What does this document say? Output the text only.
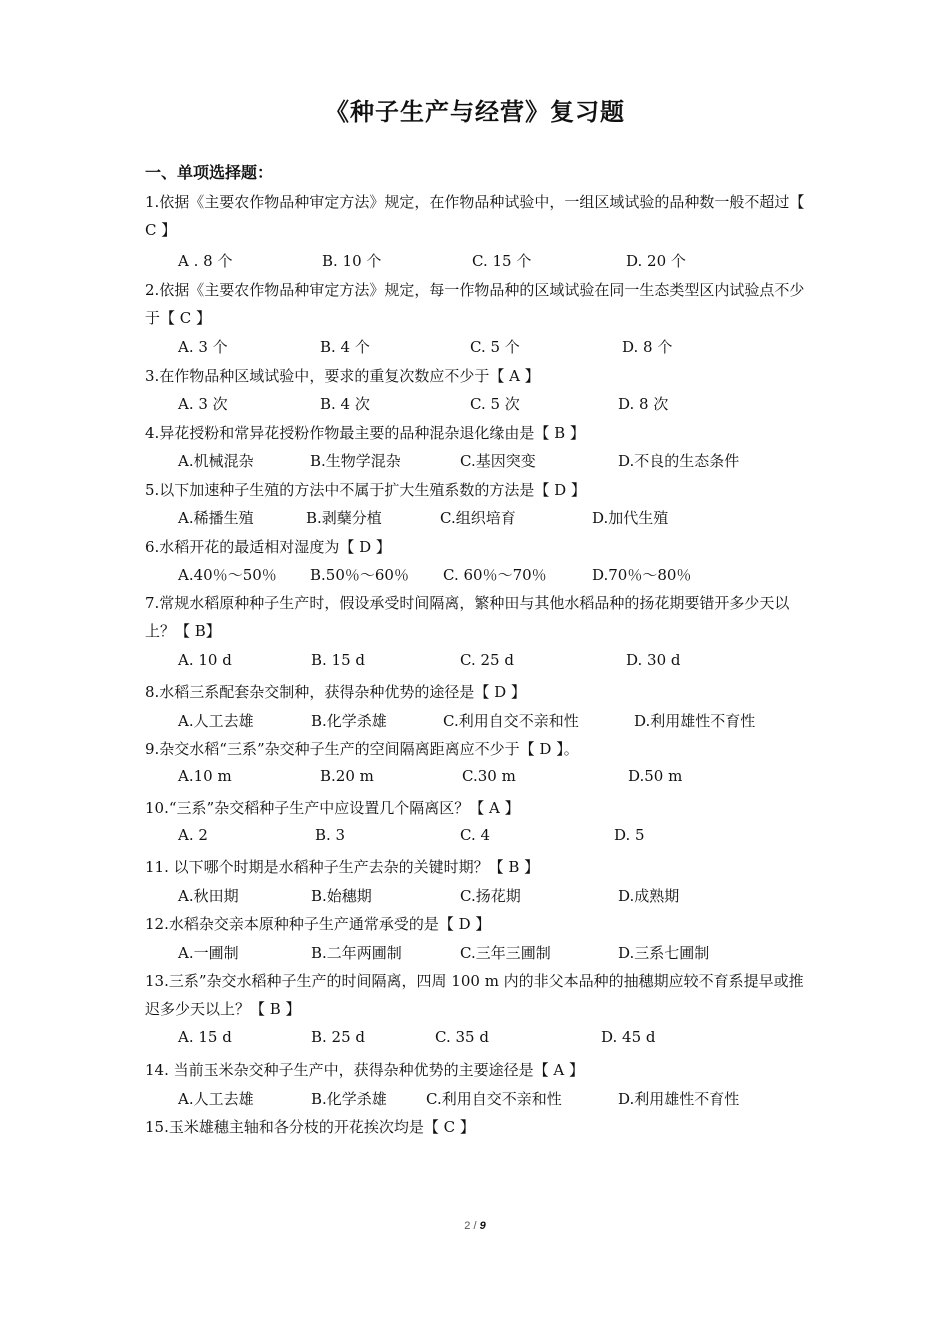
《种子生产与经营》复习题
一、单项选择题：
1.依据《主要农作物品种审定方法》规定，在作物品种试验中，一组区域试验的品种数一般不超过【 C 】
A . 8 个	B. 10 个	C. 15 个	D. 20 个
2.依据《主要农作物品种审定方法》规定，每一作物品种的区域试验在同一生态类型区内试验点不少于【 C 】
A. 3 个	B. 4 个	C. 5 个	D. 8 个
3.在作物品种区域试验中，要求的重复次数应不少于【 A 】
A. 3 次	B. 4 次	C. 5 次	D. 8 次
4.异花授粉和常异花授粉作物最主要的品种混杂退化缘由是【 B 】
A.机械混杂	B.生物学混杂	C.基因突变	D.不良的生态条件
5.以下加速种子生殖的方法中不属于扩大生殖系数的方法是【 D 】
A.稀播生殖	B.剥蘖分植	C.组织培育	D.加代生殖
6.水稻开花的最适相对湿度为【 D 】
A.40％～50％ B.50％～60％ C. 60％～70％	D.70％～80％
7.常规水稻原种种子生产时，假设承受时间隔离，繁种田与其他水稻品种的扬花期要错开多少天以上？【 B】
A. 10 d	B. 15 d	C. 25 d	D. 30 d
8.水稻三系配套杂交制种，获得杂种优势的途径是【 D 】
A.人工去雄	B.化学杀雄	C.利用自交不亲和性	D.利用雄性不育性
9.杂交水稻“三系”杂交种子生产的空间隔离距离应不少于【 D 】。
A.10 m	B.20 m	C.30 m	D.50 m
10.“三系”杂交稻种子生产中应设置几个隔离区？【 A 】
A. 2	B. 3	C. 4	D. 5
11. 以下哪个时期是水稻种子生产去杂的关键时期？【 B 】
A.秋田期	B.始穗期	C.扬花期	D.成熟期
12.水稻杂交亲本原种种子生产通常承受的是【 D 】
A.一圃制	B.二年两圃制	C.三年三圃制	D.三系七圃制
13.三系”杂交水稻种子生产的时间隔离，四周 100 m 内的非父本品种的抽穗期应较不育系提早或推迟多少天以上？【 B 】
A. 15 d	B. 25 d	C. 35 d	D. 45 d
14. 当前玉米杂交种子生产中，获得杂种优势的主要途径是【 A 】
A.人工去雄	B.化学杀雄	C.利用自交不亲和性	D.利用雄性不育性
15.玉米雄穗主轴和各分枝的开花挨次均是【 C 】
2 / 9
